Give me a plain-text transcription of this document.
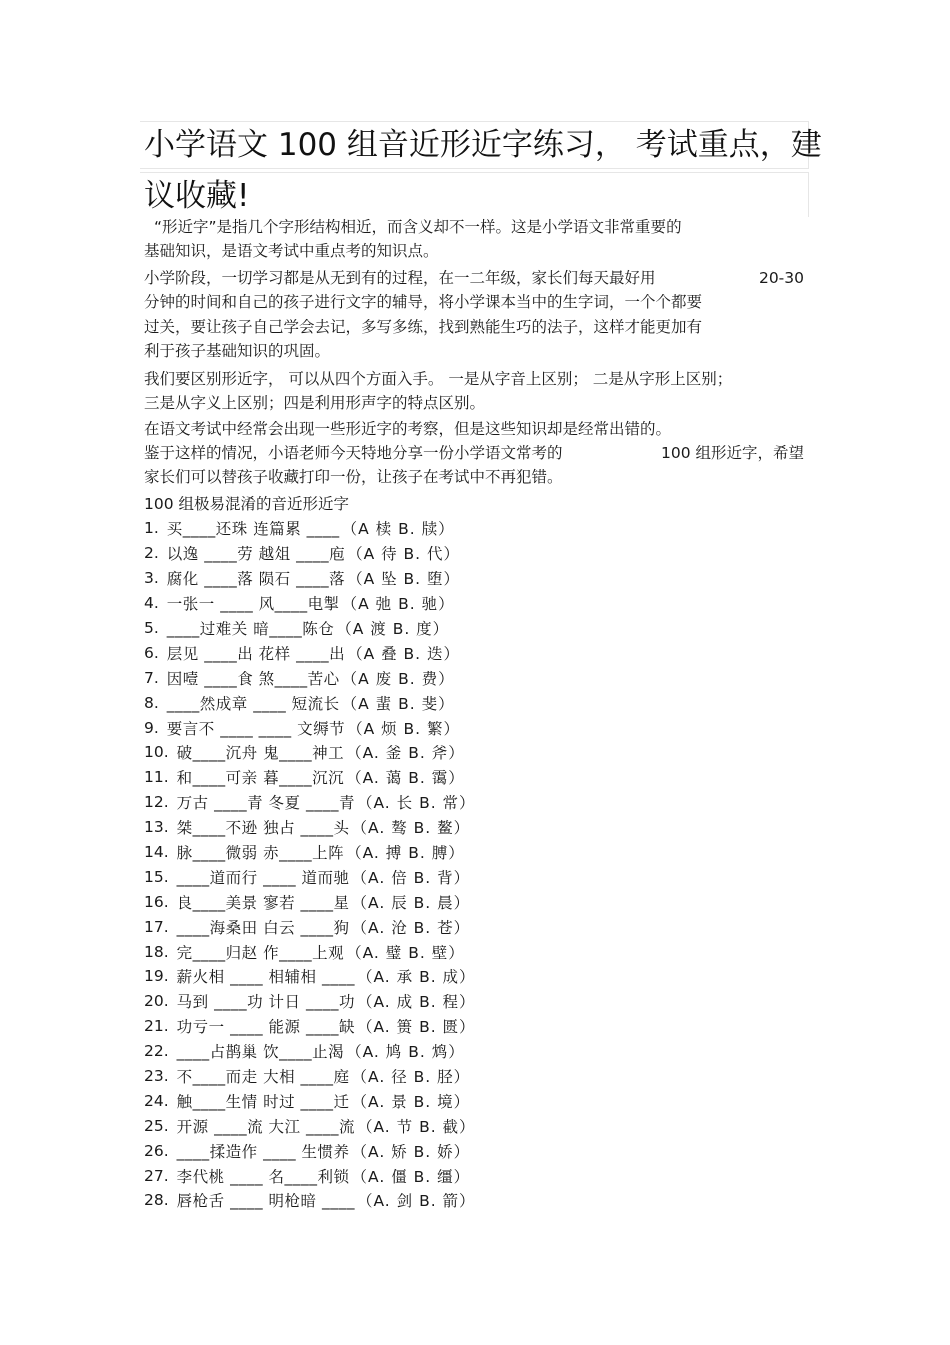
小学语文 100 组音近形近字练习， 考试重点，建
议收藏!
“形近字”是指几个字形结构相近，而含义却不一样。这是小学语文非常重要的
基础知识，是语文考试中重点考的知识点。
小学阶段，一切学习都是从无到有的过程，在一二年级，家长们每天最好用	20-30
分钟的时间和自己的孩子进行文字的辅导，将小学课本当中的生字词，一个个都要
过关，要让孩子自己学会去记，多写多练，找到熟能生巧的法子，这样才能更加有
利于孩子基础知识的巩固。
我们要区别形近字， 可以从四个方面入手。 一是从字音上区别； 二是从字形上区别；
三是从字义上区别；四是利用形声字的特点区别。
在语文考试中经常会出现一些形近字的考察，但是这些知识却是经常出错的。
鉴于这样的情况，小语老师今天特地分享一份小学语文常考的	100 组形近字，希望
家长们可以替孩子收藏打印一份，让孩子在考试中不再犯错。
100 组极易混淆的音近形近字
1. 买____还珠 连篇累 ____ （A 椟 B. 牍）
2. 以逸 ____劳 越俎 ____庖 （A 待 B. 代）
3. 腐化 ____落 陨石 ____落 （A 坠 B. 堕）
4. 一张一 ____ 风____电掣 （A 弛 B. 驰）
5. ____过难关 暗____陈仓 （A 渡 B. 度）
6. 层见 ____出 花样 ____出 （A 叠 B. 迭）
7. 因噎 ____食 煞____苦心 （A 废 B. 费）
8. ____然成章 ____ 短流长 （A 蜚 B. 斐）
9. 要言不 ____ ____ 文缛节 （A 烦 B. 繁）
10. 破____沉舟 鬼____神工 （A. 釜 B. 斧）
11. 和____可亲 暮____沉沉 （A. 蔼 B. 霭）
12. 万古 ____青 冬夏 ____青 （A. 长 B. 常）
13. 桀____不逊 独占 ____头 （A. 骜 B. 鳌）
14. 脉____微弱 赤____上阵 （A. 搏 B. 膊）
15. ____道而行 ____ 道而驰 （A. 倍 B. 背）
16. 良____美景 寥若 ____星 （A. 辰 B. 晨）
17. ____海桑田 白云 ____狗 （A. 沧 B. 苍）
18. 完____归赵 作____上观 （A. 璧 B. 壁）
19. 薪火相 ____ 相辅相 ____ （A. 承 B. 成）
20. 马到 ____功 计日 ____功 （A. 成 B. 程）
21. 功亏一 ____ 能源 ____缺 （A. 篑 B. 匮）
22. ____占鹊巢 饮____止渴 （A. 鸠 B. 鸩）
23. 不____而走 大相 ____庭 （A. 径 B. 胫）
24. 触____生情 时过 ____迁 （A. 景 B. 境）
25. 开源 ____流 大江 ____流 （A. 节 B. 截）
26. ____揉造作 ____ 生惯养 （A. 矫 B. 娇）
27. 李代桃 ____ 名____利锁 （A. 僵 B. 缰）
28. 唇枪舌 ____ 明枪暗 ____ （A. 剑 B. 箭）
